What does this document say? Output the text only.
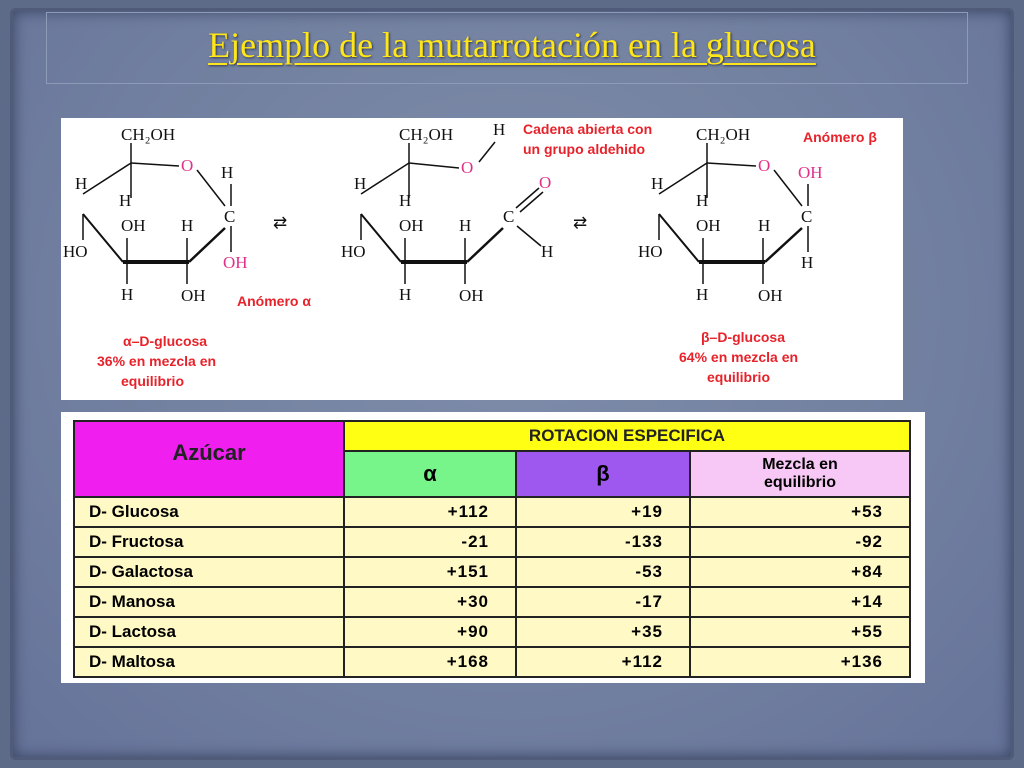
Ejemplo de la mutarrotación en la glucosa
CH₂OH
O
H
H
H
C
OH H
HO
OH
H	OH
⇄
CH₂OH H
O
O
H
H
C
OH H
HO	H
H	OH
Cadena abierta con
un grupo aldehido
⇄
CH₂OH
O OH
H
H
C
OH H
HO
H
H	OH
Anómero β
Anómero α
α–D-glucosa
36% en mezcla en
equilibrio
β–D-glucosa
64% en mezcla en
equilibrio
Azúcar	ROTACION ESPECIFICA		
	α	β	Mezcla en
equilibrio

D- Glucosa	+112	+19	+53
D- Fructosa	-21	-133	-92
D- Galactosa	+151	-53	+84
D- Manosa	+30	-17	+14
D- Lactosa	+90	+35	+55
D- Maltosa	+168	+112	+136
